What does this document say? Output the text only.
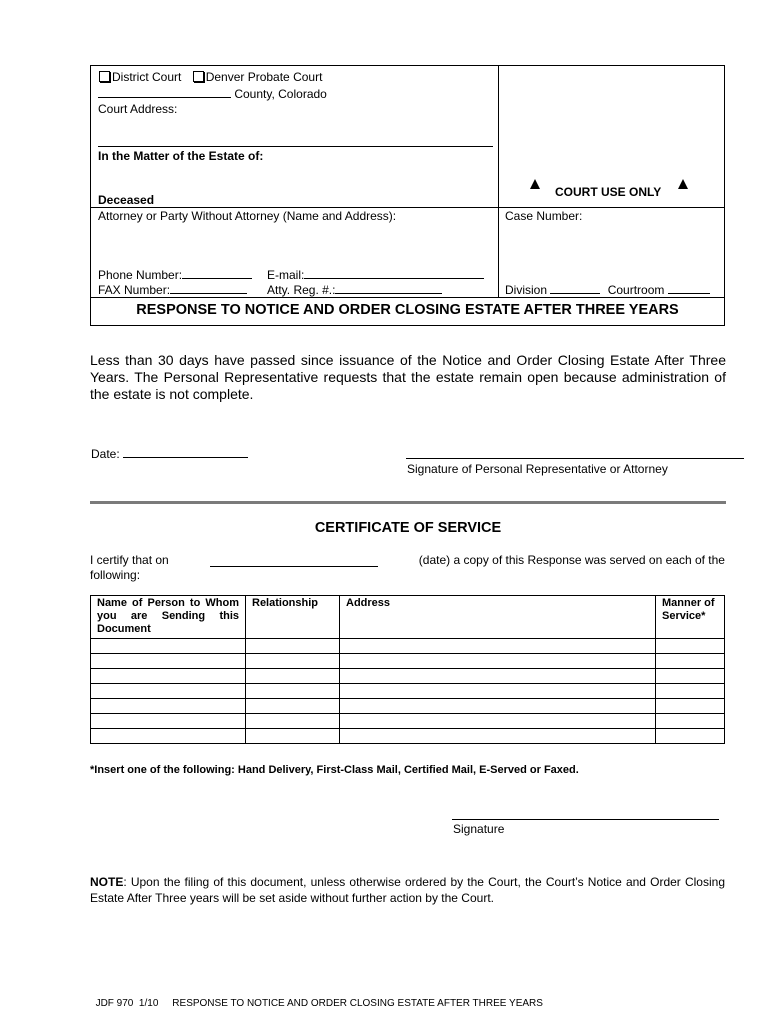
District Court Denver Probate Court
County, Colorado
Court Address:
In the Matter of the Estate of:
Deceased
Attorney or Party Without Attorney (Name and Address):
Phone Number:	E-mail:
FAX Number:	Atty. Reg. #.:
COURT USE ONLY
Case Number:
Division	Courtroom
RESPONSE TO NOTICE AND ORDER CLOSING ESTATE AFTER THREE YEARS
Less than 30 days have passed since issuance of the Notice and Order Closing Estate After Three Years. The Personal Representative requests that the estate remain open because administration of the estate is not complete.
Date:
Signature of Personal Representative or Attorney
CERTIFICATE OF SERVICE
I certify that on	(date) a copy of this Response was served on each of the
following:
Name of Person to Whom you are Sending this Document	Relationship	Address	Manner of Service*

*Insert one of the following: Hand Delivery, First-Class Mail, Certified Mail, E-Served or Faxed.
Signature
NOTE: Upon the filing of this document, unless otherwise ordered by the Court, the Court’s Notice and Order Closing Estate After Three years will be set aside without further action by the Court.

JDF 970 1/10 RESPONSE TO NOTICE AND ORDER CLOSING ESTATE AFTER THREE YEARS
